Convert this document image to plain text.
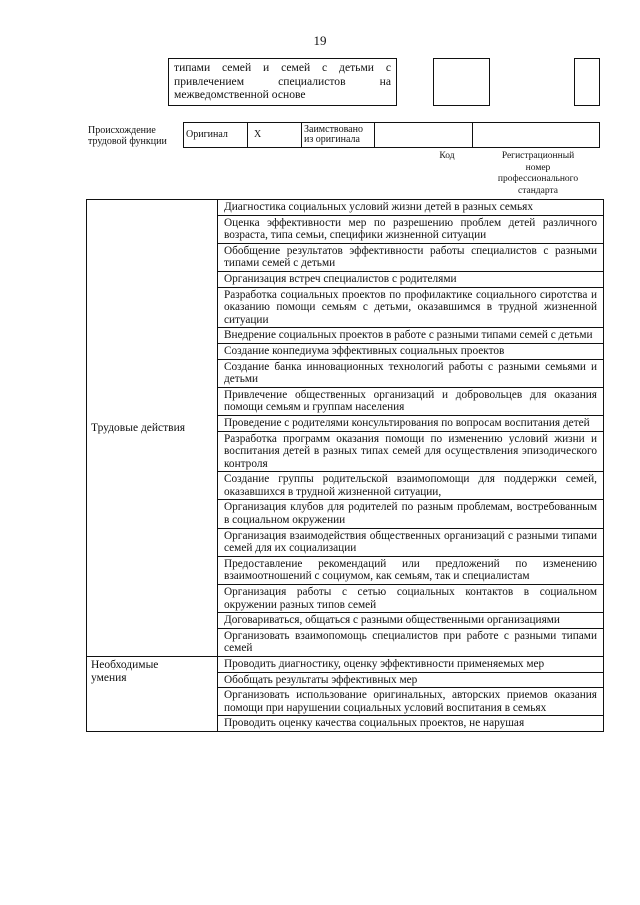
19
типами семей и семей с детьми с
привлечением специалистов на
межведомственной основе
Происхождение
трудовой функции
Оригинал	X	Заимствовано
из оригинала

Код	Регистрационный
номер
профессионального
стандарта
Трудовые действия	Диагностика социальных условий жизни детей в разных семьях
	Оценка эффективности мер по разрешению проблем детей различного возраста, типа семьи, специфики жизненной ситуации
	Обобщение результатов эффективности работы специалистов с разными типами семей с детьми
	Организация встреч специалистов с родителями
	Разработка социальных проектов по профилактике социального сиротства и оказанию помощи семьям с детьми, оказавшимся в трудной жизненной ситуации
	Внедрение социальных проектов в работе с разными типами семей с детьми
	Создание конпедиума эффективных социальных проектов
	Создание банка инновационных технологий работы с разными семьями и детьми
	Привлечение общественных организаций и добровольцев для оказания помощи семьям и группам населения
	Проведение с родителями консультирования по вопросам воспитания детей
	Разработка программ оказания помощи по изменению условий жизни и воспитания детей в разных типах семей для осуществления эпизодического контроля
	Создание группы родительской взаимопомощи для поддержки семей, оказавшихся в трудной жизненной ситуации,
	Организация клубов для родителей по разным проблемам, востребованным в социальном окружении
	Организация взаимодействия общественных организаций с разными типами семей для их социализации
	Предоставление рекомендаций или предложений по изменению взаимоотношений с социумом, как семьям, так и специалистам
	Организация работы с сетью социальных контактов в социальном окружении разных типов семей
	Договариваться, общаться с разными общественными организациями
	Организовать взаимопомощь специалистов при работе с разными типами семей
Необходимые умения	Проводить диагностику, оценку эффективности применяемых мер
	Обобщать результаты эффективных мер
	Организовать использование оригинальных, авторских приемов оказания помощи при нарушении социальных условий воспитания в семьях
	Проводить оценку качества социальных проектов, не нарушая
